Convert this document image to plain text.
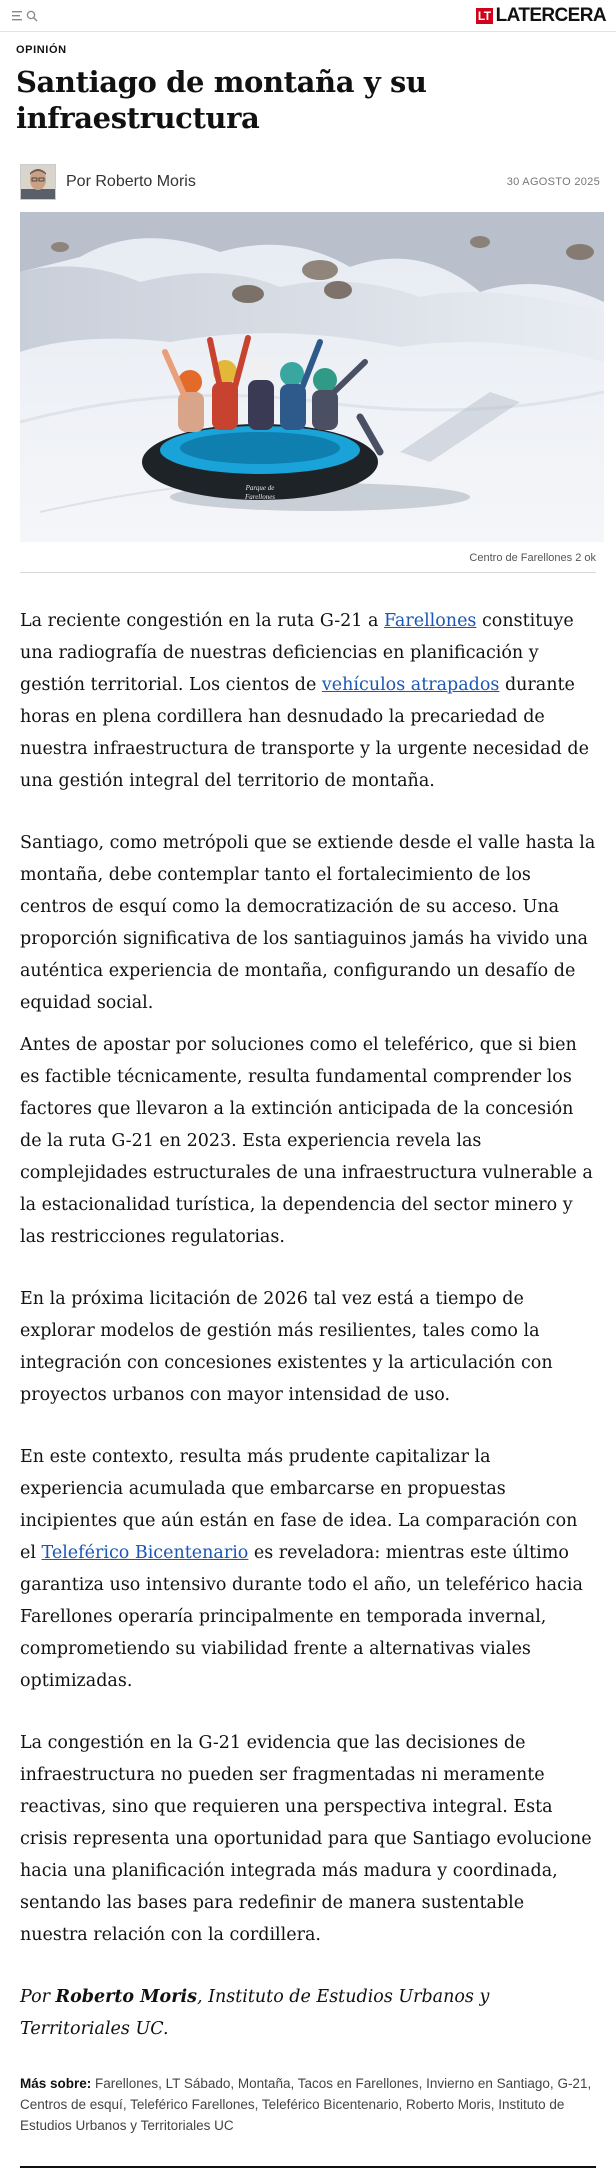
LT LATERCERA
OPINIÓN
Santiago de montaña y su infraestructura
Por Roberto Moris	30 AGOSTO 2025
Parque de
Farellones
Centro de Farellones 2 ok

La reciente congestión en la ruta G-21 a Farellones constituye una radiografía de nuestras deficiencias en planificación y gestión territorial. Los cientos de vehículos atrapados durante horas en plena cordillera han desnudado la precariedad de nuestra infraestructura de transporte y la urgente necesidad de una gestión integral del territorio de montaña.

Santiago, como metrópoli que se extiende desde el valle hasta la montaña, debe contemplar tanto el fortalecimiento de los centros de esquí como la democratización de su acceso. Una proporción significativa de los santiaguinos jamás ha vivido una auténtica experiencia de montaña, configurando un desafío de equidad social.

Antes de apostar por soluciones como el teleférico, que si bien es factible técnicamente, resulta fundamental comprender los factores que llevaron a la extinción anticipada de la concesión de la ruta G-21 en 2023. Esta experiencia revela las complejidades estructurales de una infraestructura vulnerable a la estacionalidad turística, la dependencia del sector minero y las restricciones regulatorias.

En la próxima licitación de 2026 tal vez está a tiempo de explorar modelos de gestión más resilientes, tales como la integración con concesiones existentes y la articulación con proyectos urbanos con mayor intensidad de uso.

En este contexto, resulta más prudente capitalizar la experiencia acumulada que embarcarse en propuestas incipientes que aún están en fase de idea. La comparación con el Teleférico Bicentenario es reveladora: mientras este último garantiza uso intensivo durante todo el año, un teleférico hacia Farellones operaría principalmente en temporada invernal, comprometiendo su viabilidad frente a alternativas viales optimizadas.

La congestión en la G-21 evidencia que las decisiones de infraestructura no pueden ser fragmentadas ni meramente reactivas, sino que requieren una perspectiva integral. Esta crisis representa una oportunidad para que Santiago evolucione hacia una planificación integrada más madura y coordinada, sentando las bases para redefinir de manera sustentable nuestra relación con la cordillera.

Por Roberto Moris, Instituto de Estudios Urbanos y Territoriales UC.
Más sobre: Farellones, LT Sábado, Montaña, Tacos en Farellones, Invierno en Santiago, G-21, Centros de esquí, Teleférico Farellones, Teleférico Bicentenario, Roberto Moris, Instituto de Estudios Urbanos y Territoriales UC
